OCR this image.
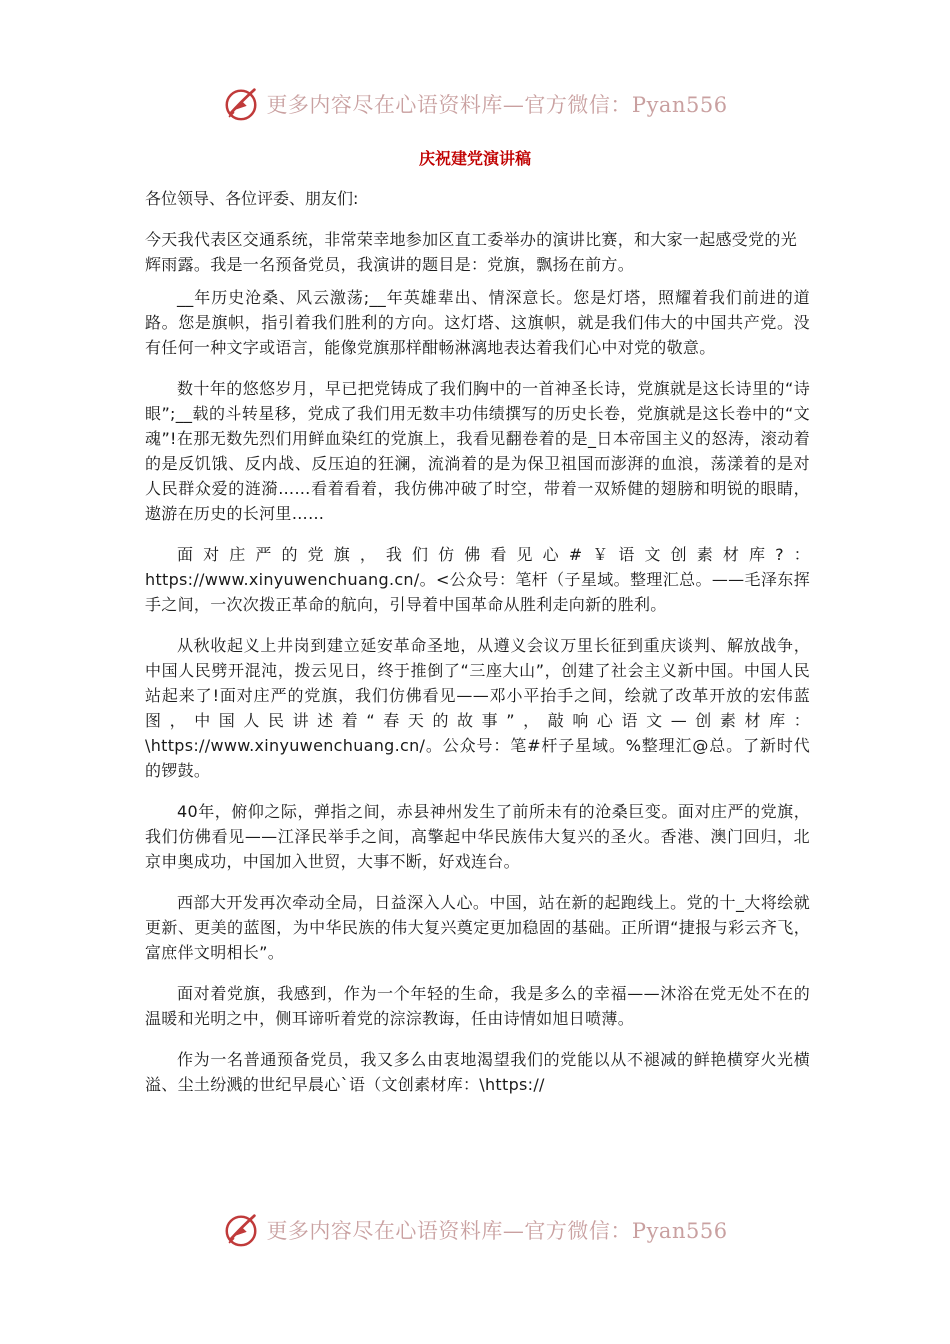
更多内容尽在心语资料库—官方微信：Pyan556
庆祝建党演讲稿

各位领导、各位评委、朋友们:

今天我代表区交通系统，非常荣幸地参加区直工委举办的演讲比赛，和大家一起感受党的光辉雨露。我是一名预备党员，我演讲的题目是：党旗，飘扬在前方。

__年历史沧桑、风云激荡;__年英雄辈出、情深意长。您是灯塔，照耀着我们前进的道路。您是旗帜，指引着我们胜利的方向。这灯塔、这旗帜，就是我们伟大的中国共产党。没有任何一种文字或语言，能像党旗那样酣畅淋漓地表达着我们心中对党的敬意。

数十年的悠悠岁月，早已把党铸成了我们胸中的一首神圣长诗，党旗就是这长诗里的“诗眼”;__载的斗转星移，党成了我们用无数丰功伟绩撰写的历史长卷，党旗就是这长卷中的“文魂”!在那无数先烈们用鲜血染红的党旗上，我看见翻卷着的是_日本帝国主义的怒涛，滚动着的是反饥饿、反内战、反压迫的狂澜，流淌着的是为保卫祖国而澎湃的血浪，荡漾着的是对人民群众爱的涟漪……看着看着，我仿佛冲破了时空，带着一双矫健的翅膀和明锐的眼睛，遨游在历史的长河里……

面对庄严的党旗，我们仿佛看见心#￥语文创素材库?：https://www.xinyuwenchuang.cn/。<公众号：笔杆（子星域。整理汇总。——毛泽东挥手之间，一次次拨正革命的航向，引导着中国革命从胜利走向新的胜利。

从秋收起义上井岗到建立延安革命圣地，从遵义会议万里长征到重庆谈判、解放战争，中国人民劈开混沌，拨云见日，终于推倒了“三座大山”，创建了社会主义新中国。中国人民站起来了!面对庄严的党旗，我们仿佛看见——邓小平抬手之间，绘就了改革开放的宏伟蓝图，中国人民讲述着“春天的故事”，敲响心语文—创素材库：\https://www.xinyuwenchuang.cn/。公众号：笔#杆子星域。%整理汇@总。了新时代的锣鼓。

40年，俯仰之际，弹指之间，赤县神州发生了前所未有的沧桑巨变。面对庄严的党旗，我们仿佛看见——江泽民举手之间，高擎起中华民族伟大复兴的圣火。香港、澳门回归，北京申奥成功，中国加入世贸，大事不断，好戏连台。

西部大开发再次牵动全局，日益深入人心。中国，站在新的起跑线上。党的十_大将绘就更新、更美的蓝图，为中华民族的伟大复兴奠定更加稳固的基础。正所谓“捷报与彩云齐飞，富庶伴文明相长”。

面对着党旗，我感到，作为一个年轻的生命，我是多么的幸福——沐浴在党无处不在的温暖和光明之中，侧耳谛听着党的淙淙教诲，任由诗情如旭日喷薄。

作为一名普通预备党员，我又多么由衷地渴望我们的党能以从不褪减的鲜艳横穿火光横溢、尘土纷溅的世纪早晨心`语（文创素材库：\https://

更多内容尽在心语资料库—官方微信：Pyan556
